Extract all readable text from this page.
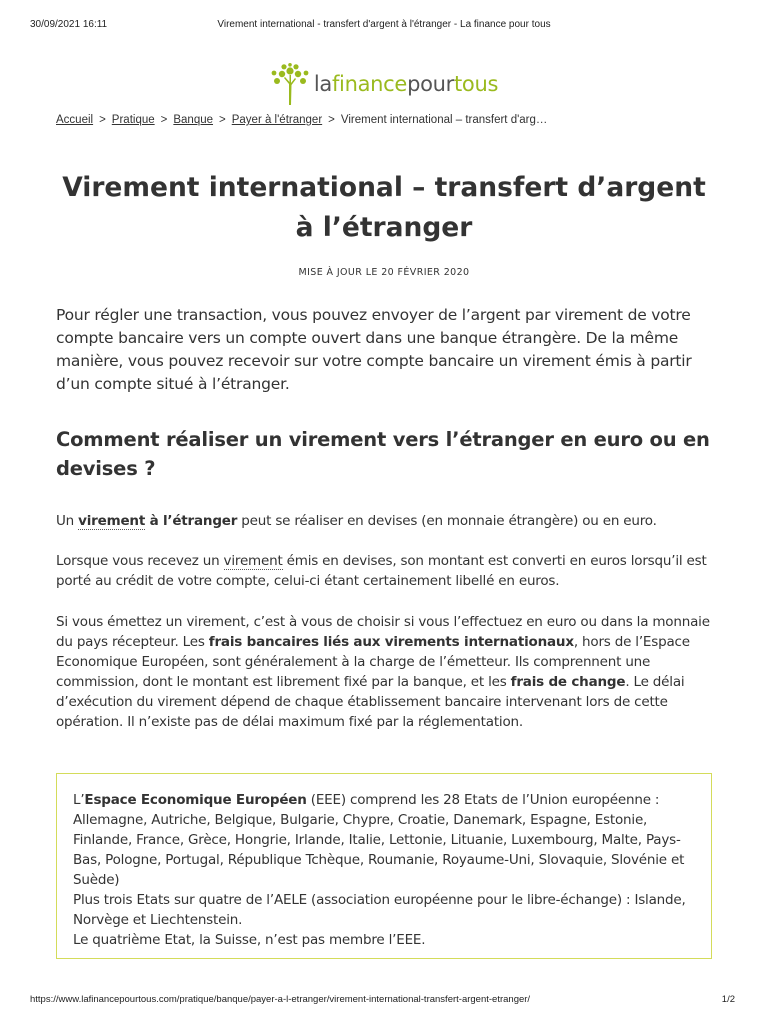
30/09/2021 16:11	Virement international - transfert d'argent à l'étranger - La finance pour tous
lafinancepourtous
Accueil > Pratique > Banque > Payer à l'étranger > Virement international – transfert d'arg…
Virement international – transfert d’argent à l’étranger
MISE À JOUR LE 20 FÉVRIER 2020

Pour régler une transaction, vous pouvez envoyer de l’argent par virement de votre compte bancaire vers un compte ouvert dans une banque étrangère. De la même manière, vous pouvez recevoir sur votre compte bancaire un virement émis à partir d’un compte situé à l’étranger.

Comment réaliser un virement vers l’étranger en euro ou en devises ?

Un virement à l’étranger peut se réaliser en devises (en monnaie étrangère) ou en euro.

Lorsque vous recevez un virement émis en devises, son montant est converti en euros lorsqu’il est porté au crédit de votre compte, celui-ci étant certainement libellé en euros.

Si vous émettez un virement, c’est à vous de choisir si vous l’effectuez en euro ou dans la monnaie du pays récepteur. Les frais bancaires liés aux virements internationaux, hors de l’Espace Economique Européen, sont généralement à la charge de l’émetteur. Ils comprennent une commission, dont le montant est librement fixé par la banque, et les frais de change. Le délai d’exécution du virement dépend de chaque établissement bancaire intervenant lors de cette opération. Il n’existe pas de délai maximum fixé par la réglementation.

L’Espace Economique Européen (EEE) comprend les 28 Etats de l’Union européenne : Allemagne, Autriche, Belgique, Bulgarie, Chypre, Croatie, Danemark, Espagne, Estonie, Finlande, France, Grèce, Hongrie, Irlande, Italie, Lettonie, Lituanie, Luxembourg, Malte, Pays-Bas, Pologne, Portugal, République Tchèque, Roumanie, Royaume-Uni, Slovaquie, Slovénie et Suède)
Plus trois Etats sur quatre de l’AELE (association européenne pour le libre-échange) : Islande, Norvège et Liechtenstein.
Le quatrième Etat, la Suisse, n’est pas membre l’EEE.
https://www.lafinancepourtous.com/pratique/banque/payer-a-l-etranger/virement-international-transfert-argent-etranger/	1/2
